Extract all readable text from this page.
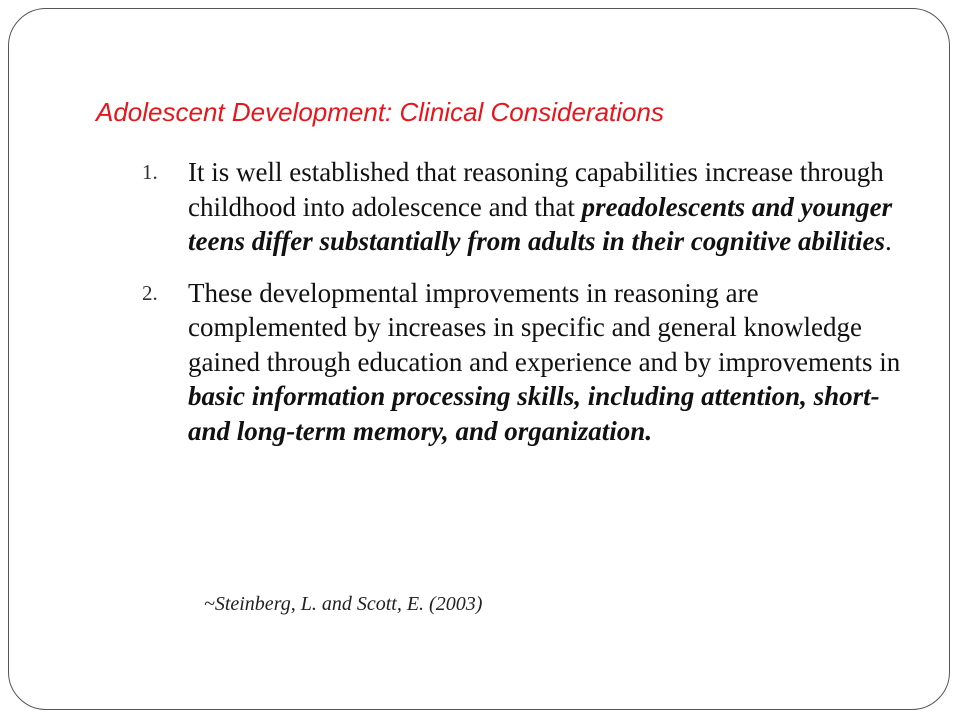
Adolescent Development: Clinical Considerations
1. It is well established that reasoning capabilities increase through childhood into adolescence and that preadolescents and younger teens differ substantially from adults in their cognitive abilities.
2. These developmental improvements in reasoning are complemented by increases in specific and general knowledge gained through education and experience and by improvements in basic information processing skills, including attention, short- and long-term memory, and organization.
~Steinberg, L. and Scott, E. (2003)
